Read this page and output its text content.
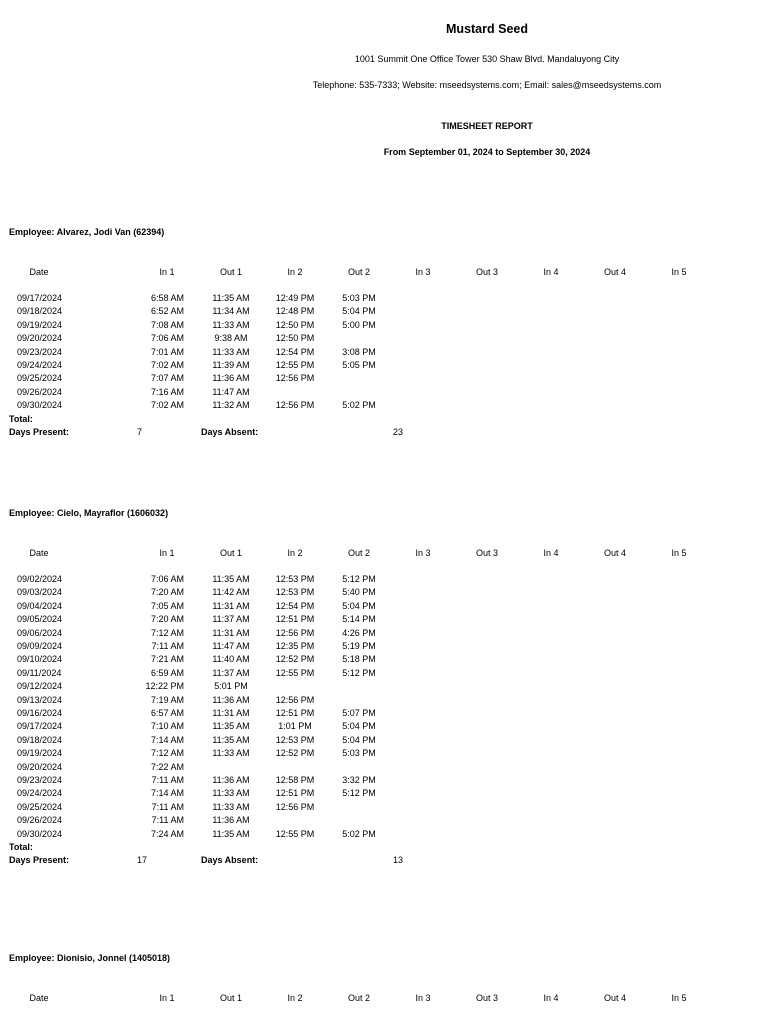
Mustard Seed
1001 Summit One Office Tower 530 Shaw Blvd. Mandaluyong City
Telephone: 535-7333; Website: mseedsystems.com; Email: sales@mseedsystems.com
TIMESHEET REPORT
From September 01, 2024 to September 30, 2024
Employee: Alvarez, Jodi Van (62394)
Date	In 1	Out 1	In 2	Out 2	In 3	Out 3	In 4	Out 4	In 5
09/17/2024	6:58 AM	11:35 AM	12:49 PM	5:03 PM
09/18/2024	6:52 AM	11:34 AM	12:48 PM	5:04 PM
09/19/2024	7:08 AM	11:33 AM	12:50 PM	5:00 PM
09/20/2024	7:06 AM	9:38 AM	12:50 PM
09/23/2024	7:01 AM	11:33 AM	12:54 PM	3:08 PM
09/24/2024	7:02 AM	11:39 AM	12:55 PM	5:05 PM
09/25/2024	7:07 AM	11:36 AM	12:56 PM
09/26/2024	7:16 AM	11:47 AM
09/30/2024	7:02 AM	11:32 AM	12:56 PM	5:02 PM
Total:
Days Present:	7	Days Absent:	23
Employee: Cielo, Mayraflor (1606032)
Date	In 1	Out 1	In 2	Out 2	In 3	Out 3	In 4	Out 4	In 5
09/02/2024	7:06 AM	11:35 AM	12:53 PM	5:12 PM
09/03/2024	7:20 AM	11:42 AM	12:53 PM	5:40 PM
09/04/2024	7:05 AM	11:31 AM	12:54 PM	5:04 PM
09/05/2024	7:20 AM	11:37 AM	12:51 PM	5:14 PM
09/06/2024	7:12 AM	11:31 AM	12:56 PM	4:26 PM
09/09/2024	7:11 AM	11:47 AM	12:35 PM	5:19 PM
09/10/2024	7:21 AM	11:40 AM	12:52 PM	5:18 PM
09/11/2024	6:59 AM	11:37 AM	12:55 PM	5:12 PM
09/12/2024	12:22 PM	5:01 PM
09/13/2024	7:19 AM	11:36 AM	12:56 PM
09/16/2024	6:57 AM	11:31 AM	12:51 PM	5:07 PM
09/17/2024	7:10 AM	11:35 AM	1:01 PM	5:04 PM
09/18/2024	7:14 AM	11:35 AM	12:53 PM	5:04 PM
09/19/2024	7:12 AM	11:33 AM	12:52 PM	5:03 PM
09/20/2024	7:22 AM
09/23/2024	7:11 AM	11:36 AM	12:58 PM	3:32 PM
09/24/2024	7:14 AM	11:33 AM	12:51 PM	5:12 PM
09/25/2024	7:11 AM	11:33 AM	12:56 PM
09/26/2024	7:11 AM	11:36 AM
09/30/2024	7:24 AM	11:35 AM	12:55 PM	5:02 PM
Total:
Days Present:	17	Days Absent:	13
Employee: Dionisio, Jonnel (1405018)
Date	In 1	Out 1	In 2	Out 2	In 3	Out 3	In 4	Out 4	In 5
